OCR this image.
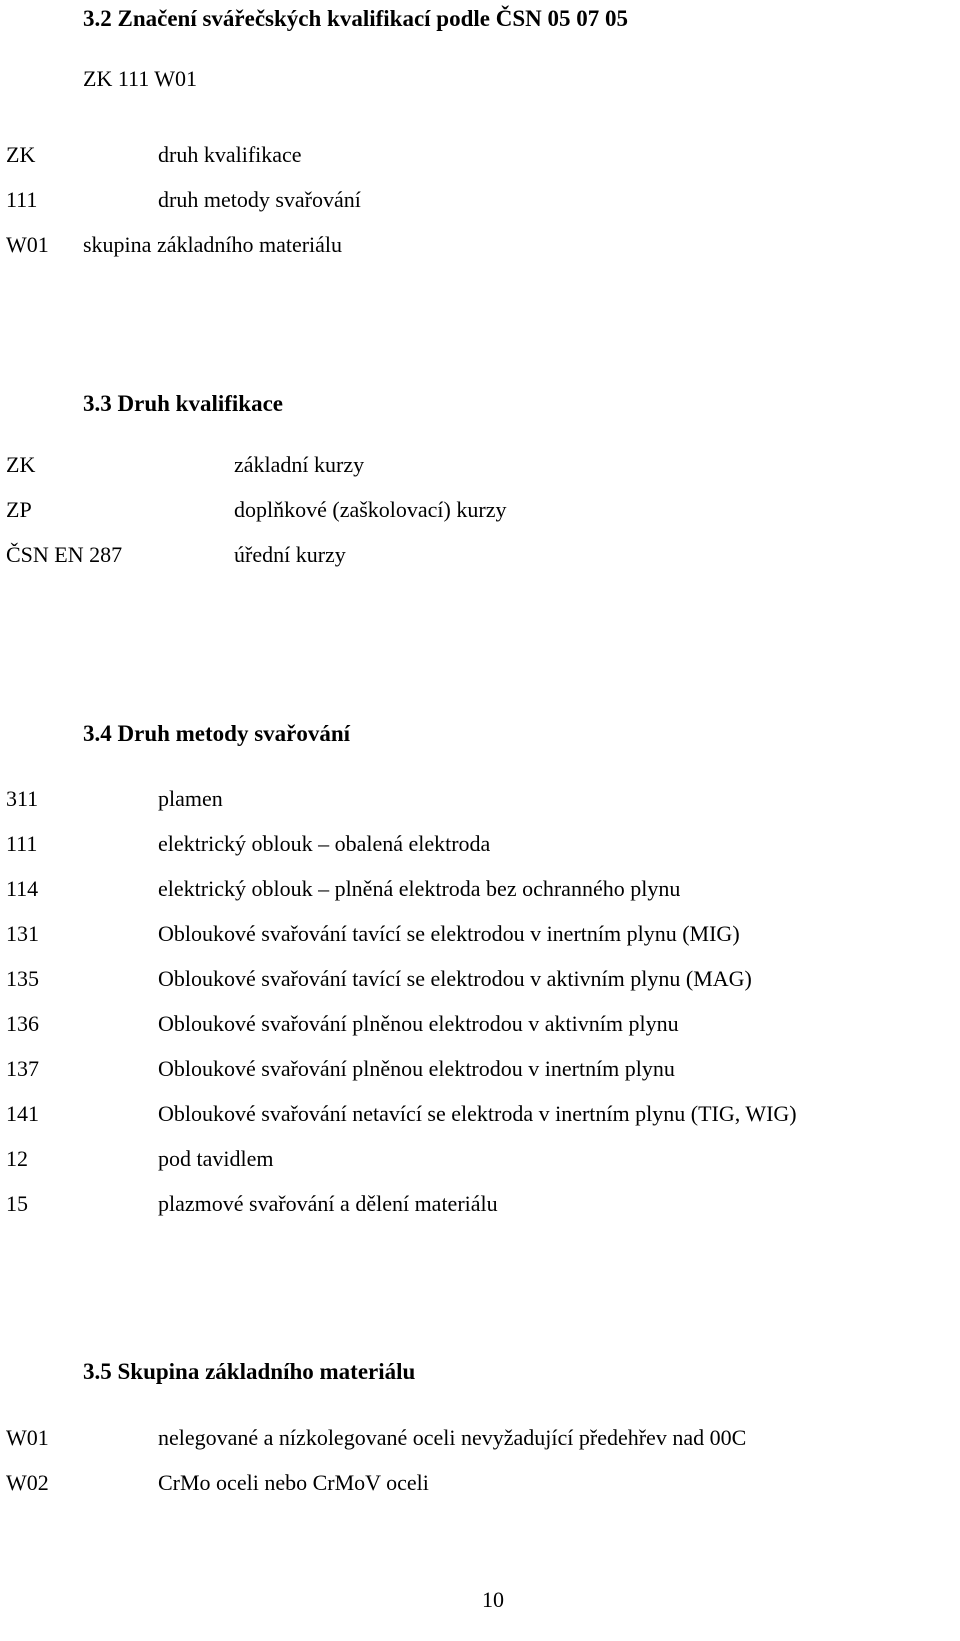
3.2 Značení svářečských kvalifikací podle ČSN 05 07 05
ZK 111 W01
ZK	druh kvalifikace
111	druh metody svařování
W01 skupina základního materiálu
3.3 Druh kvalifikace
ZK	základní kurzy
ZP	doplňkové (zaškolovací) kurzy
ČSN EN 287	úřední kurzy
3.4 Druh metody svařování
311	plamen
111	elektrický oblouk – obalená elektroda
114	elektrický oblouk – plněná elektroda bez ochranného plynu
131	Obloukové svařování tavící se elektrodou v inertním plynu (MIG)
135	Obloukové svařování tavící se elektrodou v aktivním plynu (MAG)
136	Obloukové svařování plněnou elektrodou v aktivním plynu
137	Obloukové svařování plněnou elektrodou v inertním plynu
141	Obloukové svařování netavící se elektroda v inertním plynu (TIG, WIG)
12	pod tavidlem
15	plazmové svařování a dělení materiálu
3.5 Skupina základního materiálu
W01	nelegované a nízkolegované oceli nevyžadující předehřev nad 00C
W02	CrMo oceli nebo CrMoV oceli
10
